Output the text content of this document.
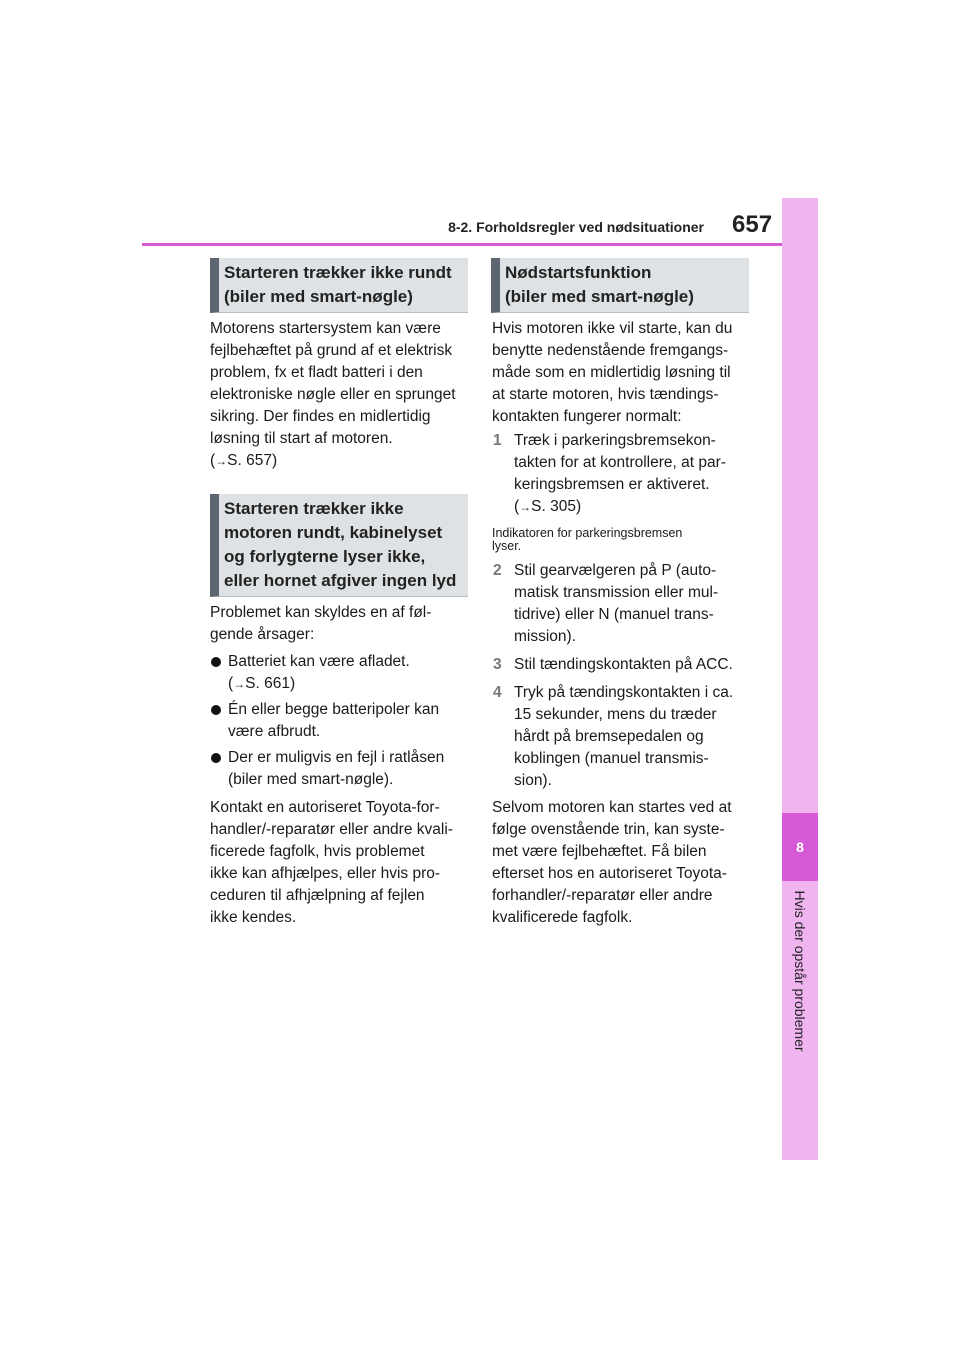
8-2. Forholdsregler ved nødsituationer 657
8
Hvis der opstår problemer
Starteren trækker ikke rundt
(biler med smart-nøgle)
Motorens startersystem kan være
fejlbehæftet på grund af et elektrisk
problem, fx et fladt batteri i den
elektroniske nøgle eller en sprunget
sikring. Der findes en midlertidig
løsning til start af motoren.
(→S. 657)
Starteren trækker ikke
motoren rundt, kabinelyset
og forlygterne lyser ikke,
eller hornet afgiver ingen lyd
Problemet kan skyldes en af føl-
gende årsager:
Batteriet kan være afladet.
(→S. 661)
Én eller begge batteripoler kan
være afbrudt.
Der er muligvis en fejl i ratlåsen
(biler med smart-nøgle).
Kontakt en autoriseret Toyota-for-
handler/-reparatør eller andre kvali-
ficerede fagfolk, hvis problemet
ikke kan afhjælpes, eller hvis pro-
ceduren til afhjælpning af fejlen
ikke kendes.
Nødstartsfunktion
(biler med smart-nøgle)
Hvis motoren ikke vil starte, kan du
benytte nedenstående fremgangs-
måde som en midlertidig løsning til
at starte motoren, hvis tændings-
kontakten fungerer normalt:
1 Træk i parkeringsbremsekon-
takten for at kontrollere, at par-
keringsbremsen er aktiveret.
(→S. 305)
Indikatoren for parkeringsbremsen
lyser.
2 Stil gearvælgeren på P (auto-
matisk transmission eller mul-
tidrive) eller N (manuel trans-
mission).
3 Stil tændingskontakten på ACC.
4 Tryk på tændingskontakten i ca.
15 sekunder, mens du træder
hårdt på bremsepedalen og
koblingen (manuel transmis-
sion).
Selvom motoren kan startes ved at
følge ovenstående trin, kan syste-
met være fejlbehæftet. Få bilen
efterset hos en autoriseret Toyota-
forhandler/-reparatør eller andre
kvalificerede fagfolk.
